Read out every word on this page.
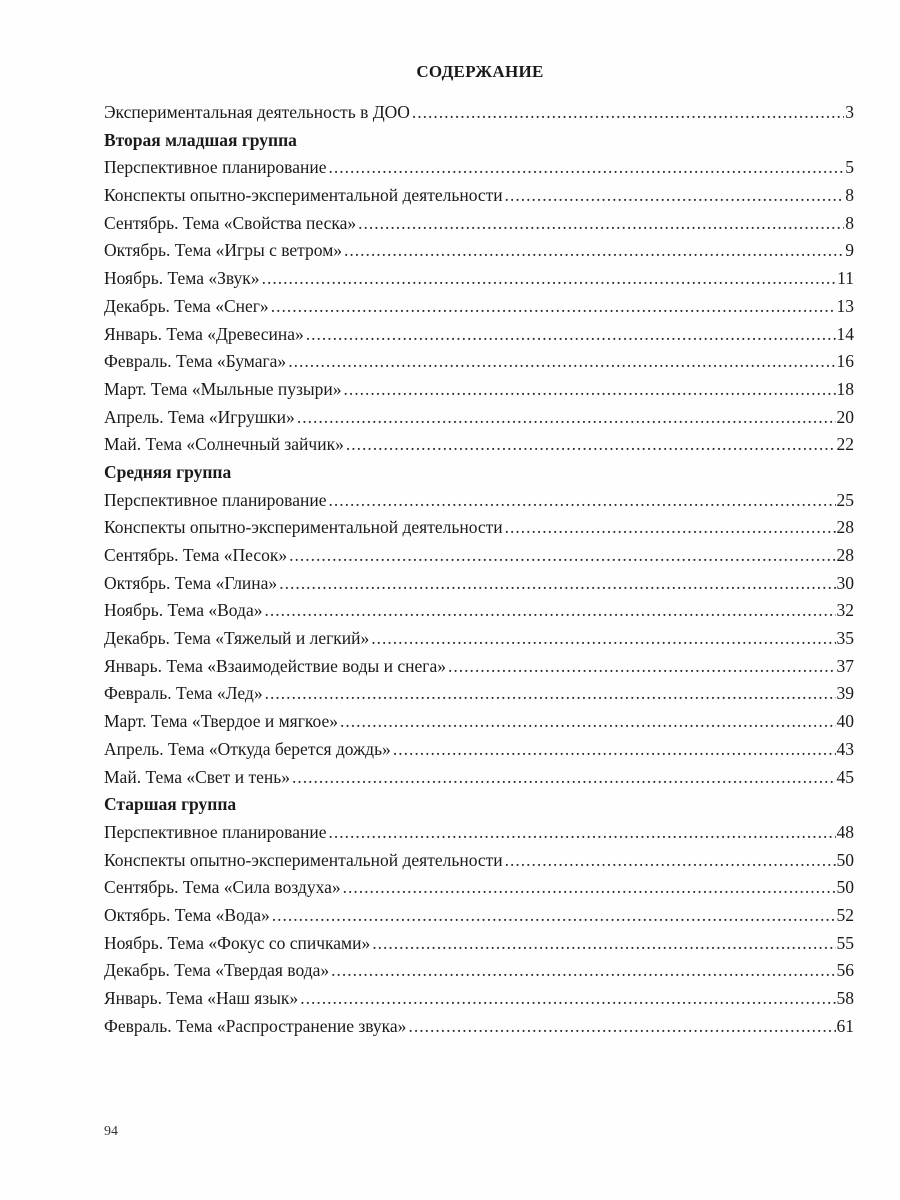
СОДЕРЖАНИЕ
Экспериментальная деятельность в ДОО .....	3
Вторая младшая группа
Перспективное планирование .....	5
Конспекты опытно-экспериментальной деятельности .....	8
Сентябрь. Тема «Свойства песка» .....	8
Октябрь. Тема «Игры с ветром» .....	9
Ноябрь. Тема «Звук» .....	11
Декабрь. Тема «Снег» .....	13
Январь. Тема «Древесина» .....	14
Февраль. Тема «Бумага» .....	16
Март. Тема «Мыльные пузыри» .....	18
Апрель. Тема «Игрушки» .....	20
Май. Тема «Солнечный зайчик» .....	22
Средняя группа
Перспективное планирование .....	25
Конспекты опытно-экспериментальной деятельности .....	28
Сентябрь. Тема «Песок» .....	28
Октябрь. Тема «Глина» .....	30
Ноябрь. Тема «Вода» .....	32
Декабрь. Тема «Тяжелый и легкий» .....	35
Январь. Тема «Взаимодействие воды и снега» .....	37
Февраль. Тема «Лед» .....	39
Март. Тема «Твердое и мягкое» .....	40
Апрель. Тема «Откуда берется дождь» .....	43
Май. Тема «Свет и тень» .....	45
Старшая группа
Перспективное планирование .....	48
Конспекты опытно-экспериментальной деятельности .....	50
Сентябрь. Тема «Сила воздуха» .....	50
Октябрь. Тема «Вода» .....	52
Ноябрь. Тема «Фокус со спичками» .....	55
Декабрь. Тема «Твердая вода» .....	56
Январь. Тема «Наш язык» .....	58
Февраль. Тема «Распространение звука» .....	61
94
